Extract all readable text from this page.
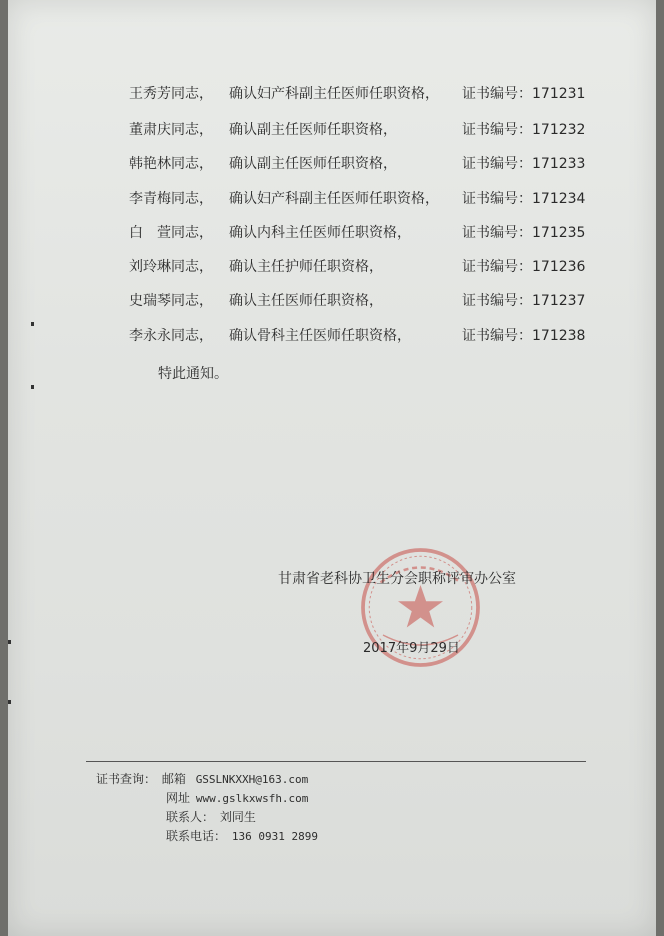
王秀芳同志， 确认妇产科副主任医师任职资格， 证书编号：171231
董肃庆同志， 确认副主任医师任职资格，	证书编号：171232
韩艳林同志， 确认副主任医师任职资格，	证书编号：171233
李青梅同志， 确认妇产科副主任医师任职资格， 证书编号：171234
白　萱同志， 确认内科主任医师任职资格，	证书编号：171235
刘玲琳同志， 确认主任护师任职资格，	证书编号：171236
史瑞琴同志， 确认主任医师任职资格，	证书编号：171237
李永永同志， 确认骨科主任医师任职资格，	证书编号：171238
特此通知。
甘肃省老科协卫生分会职称评审办公室
2017年9月29日
证书查询： 邮箱 GSSLNKXXH@163.com
网址 www.gslkxwsfh.com
联系人： 刘同生
联系电话： 136 0931 2899
